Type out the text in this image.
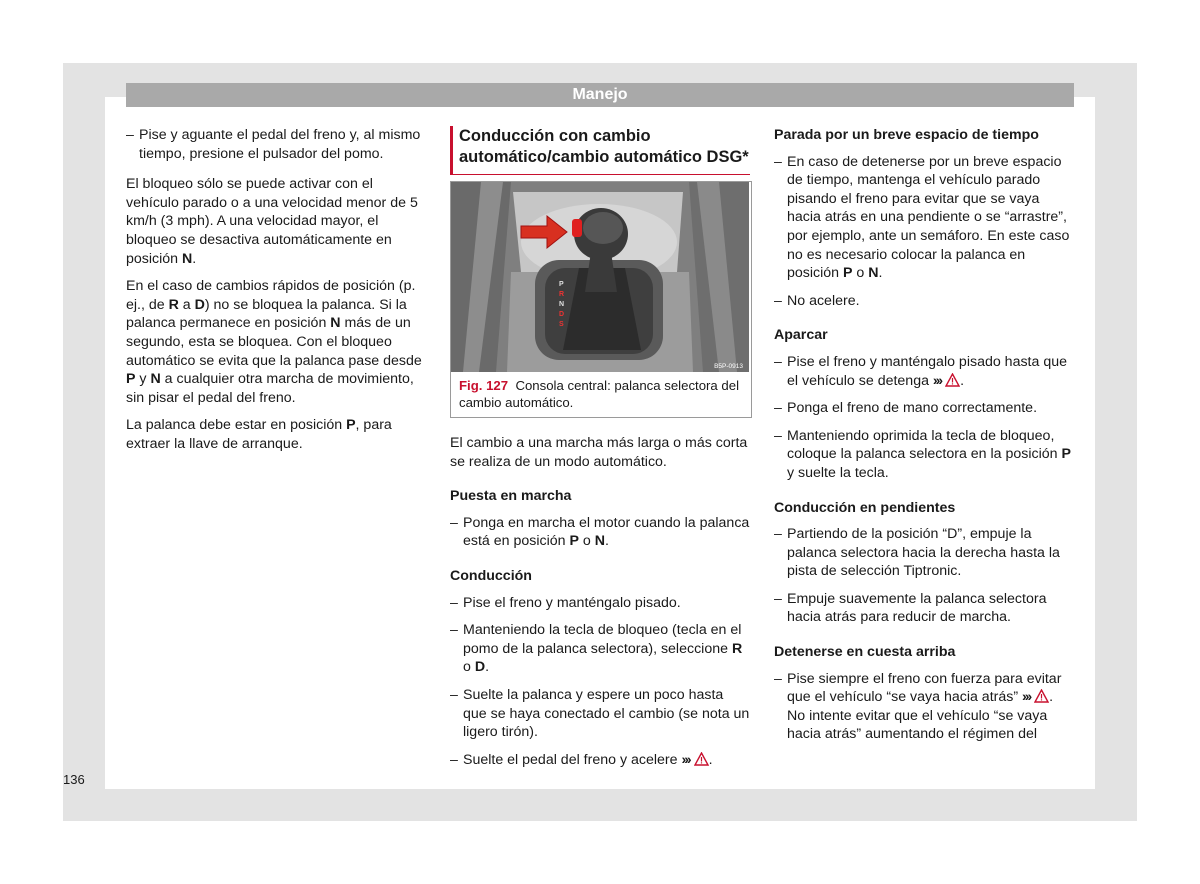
Manejo
– Pise y aguante el pedal del freno y, al mismo tiempo, presione el pulsador del pomo.

El bloqueo sólo se puede activar con el vehículo parado o a una velocidad menor de 5 km/h (3 mph). A una velocidad mayor, el bloqueo se desactiva automáticamente en posición N.

En el caso de cambios rápidos de posición (p. ej., de R a D) no se bloquea la palanca. Si la palanca permanece en posición N más de un segundo, esta se bloquea. Con el bloqueo automático se evita que la palanca pase desde P y N a cualquier otra marcha de movimiento, sin pisar el pedal del freno.

La palanca debe estar en posición P, para extraer la llave de arranque.

Conducción con cambio automático/cambio automático DSG*
P
R
N
D
S
B5P-0913
Fig. 127 Consola central: palanca selectora del cambio automático.

El cambio a una marcha más larga o más corta se realiza de un modo automático.

Puesta en marcha
– Ponga en marcha el motor cuando la palanca está en posición P o N.
Conducción
– Pise el freno y manténgalo pisado.
– Manteniendo la tecla de bloqueo (tecla en el pomo de la palanca selectora), seleccione R o D.
– Suelte la palanca y espere un poco hasta que se haya conectado el cambio (se nota un ligero tirón).
– Suelte el pedal del freno y acelere ››› .
Parada por un breve espacio de tiempo
– En caso de detenerse por un breve espacio de tiempo, mantenga el vehículo parado pisando el freno para evitar que se vaya hacia atrás en una pendiente o se “arrastre”, por ejemplo, ante un semáforo. En este caso no es necesario colocar la palanca en posición P o N.
– No acelere.
Aparcar
– Pise el freno y manténgalo pisado hasta que el vehículo se detenga ››› .
– Ponga el freno de mano correctamente.
– Manteniendo oprimida la tecla de bloqueo, coloque la palanca selectora en la posición P y suelte la tecla.
Conducción en pendientes
– Partiendo de la posición “D”, empuje la palanca selectora hacia la derecha hasta la pista de selección Tiptronic.
– Empuje suavemente la palanca selectora hacia atrás para reducir de marcha.
Detenerse en cuesta arriba
– Pise siempre el freno con fuerza para evitar que el vehículo “se vaya hacia atrás” ››› . No intente evitar que el vehículo “se vaya hacia atrás” aumentando el régimen del
136
